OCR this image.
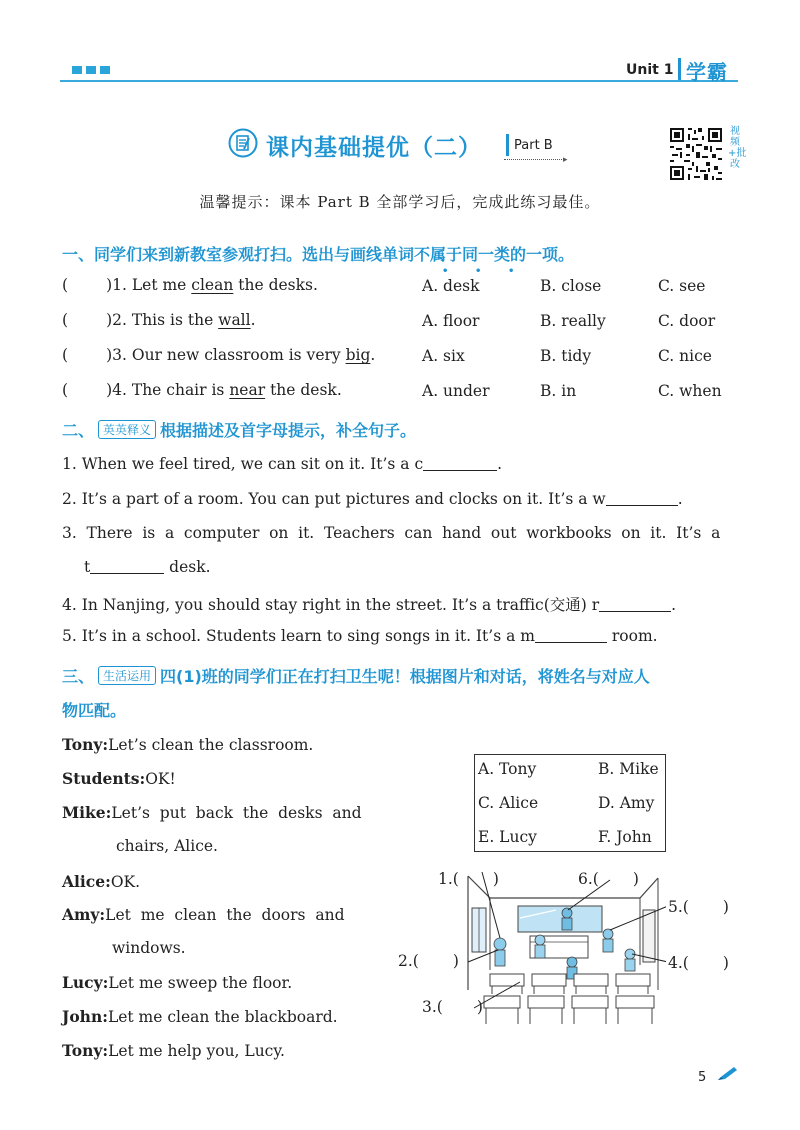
Unit 1 学霸
课内基础提优（二） Part B
▸
视频+批改
温馨提示：课本 Part B 全部学习后，完成此练习最佳。
一、同学们来到新教室参观打扫。选出与画线单词不属于同一类的一项。
•	•	•
( )1. Let me clean the desks.	A. desk	B. close	C. see
( )2. This is the wall.	A. floor	B. really	C. door
( )3. Our new classroom is very big.	A. six	B. tidy	C. nice
( )4. The chair is near the desk.	A. under	B. in	C. when
二、 英英释义 根据描述及首字母提示，补全句子。
1. When we feel tired, we can sit on it. It’s a c	.
2. It’s a part of a room. You can put pictures and clocks on it. It’s a w	.
3. There is a computer on it. Teachers can hand out workbooks on it. It’s a
t	desk.
4. In Nanjing, you should stay right in the street. It’s a traffic(交通) r	.
5. It’s in a school. Students learn to sing songs in it. It’s a m	room.
三、 生活运用 四(1)班的同学们正在打扫卫生呢！根据图片和对话，将姓名与对应人
物匹配。
Tony:Let’s clean the classroom.
Students:OK!
Mike:Let’s  put  back  the  desks  and
chairs, Alice.
Alice:OK.
Amy:Let  me  clean  the  doors  and
windows.
Lucy:Let me sweep the floor.
John:Let me clean the blackboard.
Tony:Let me help you, Lucy.
A. Tony	B. Mike
C. Alice	D. Amy
E. Lucy	F. John
1.( )	6.( )
5.( )
2.( )	4.( )
3.( )
5
